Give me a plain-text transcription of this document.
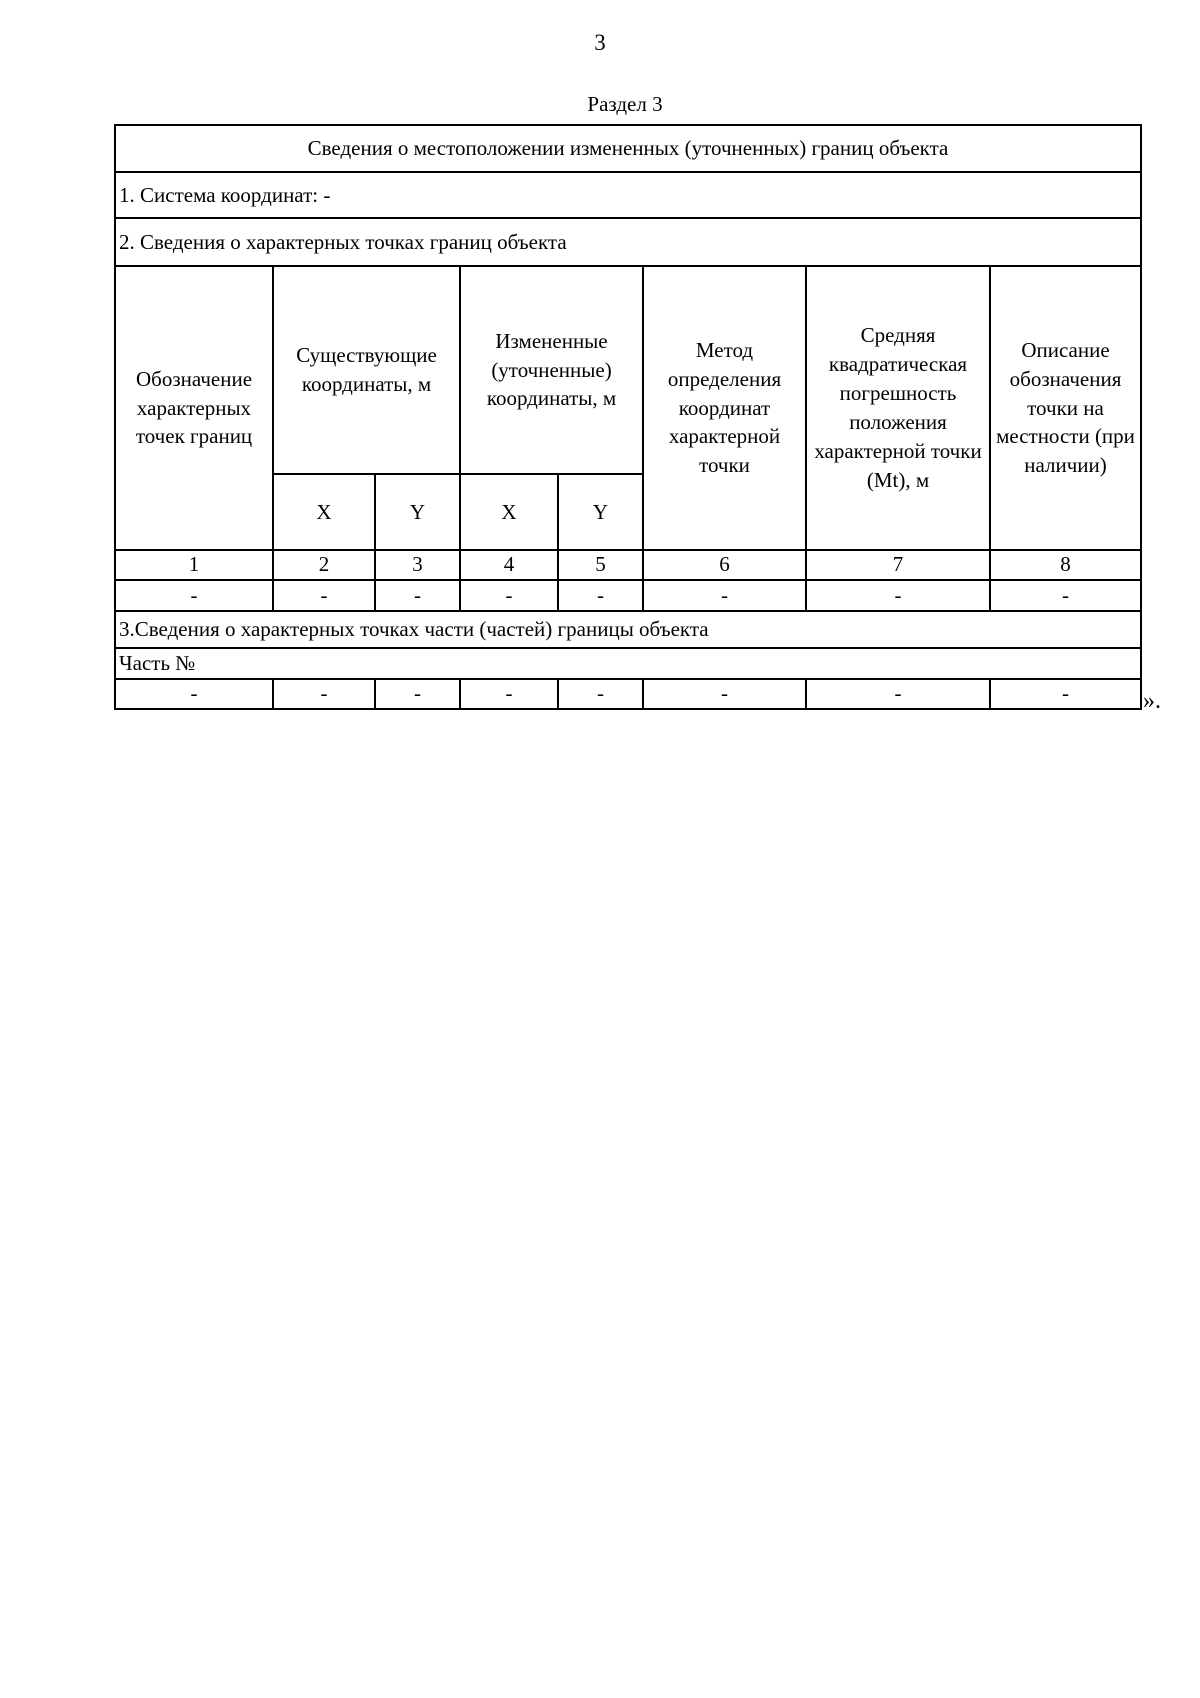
3
Раздел 3
Сведения о местоположении измененных (уточненных) границ объекта							
1. Система координат: -							
2. Сведения о характерных точках границ объекта							
Обозначение характерных точек границ	Существующие координаты, м		Измененные (уточненные) координаты, м		Метод определения координат характерной точки	Средняя квадратическая погрешность положения характерной точки (Mt), м	Описание обозначения точки на местности (при наличии)
	X	Y	X	Y			
1	2	3	4	5	6	7	8
-	-	-	-	-	-	-	-
3.Сведения о характерных точках части (частей) границы объекта							
Часть №							
-	-	-	-	-	-	-	-	».
